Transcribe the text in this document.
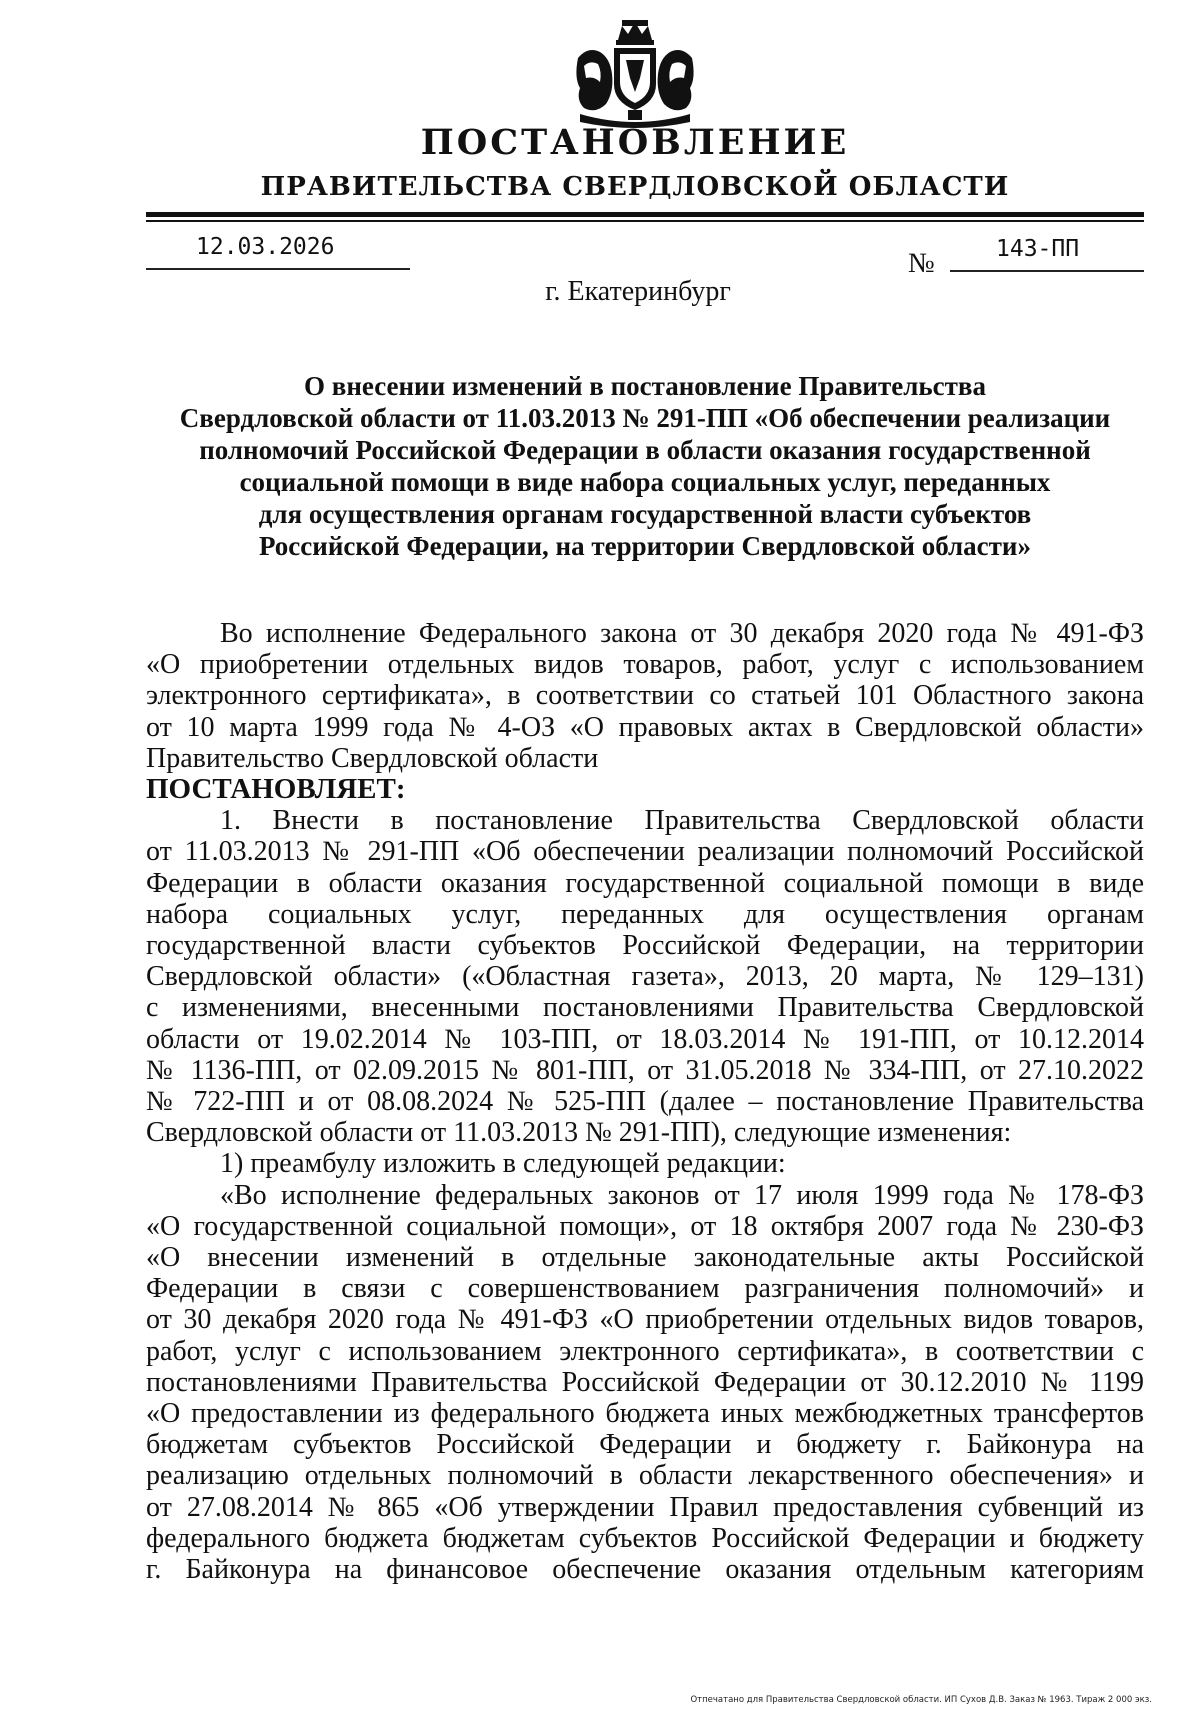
ПОСТАНОВЛЕНИЕ
ПРАВИТЕЛЬСТВА СВЕРДЛОВСКОЙ ОБЛАСТИ
12.03.2026
№	143-ПП
г. Екатеринбург
О внесении изменений в постановление Правительства
Свердловской области от 11.03.2013 № 291-ПП «Об обеспечении реализации
полномочий Российской Федерации в области оказания государственной
социальной помощи в виде набора социальных услуг, переданных
для осуществления органам государственной власти субъектов
Российской Федерации, на территории Свердловской области»
Во исполнение Федерального закона от 30 декабря 2020 года № 491-ФЗ
«О приобретении отдельных видов товаров, работ, услуг с использованием
электронного сертификата», в соответствии со статьей 101 Областного закона
от 10 марта 1999 года № 4-ОЗ «О правовых актах в Свердловской области»
Правительство Свердловской области
ПОСТАНОВЛЯЕТ:
1. Внести в постановление Правительства Свердловской области
от 11.03.2013 № 291-ПП «Об обеспечении реализации полномочий Российской
Федерации в области оказания государственной социальной помощи в виде
набора социальных услуг, переданных для осуществления органам
государственной власти субъектов Российской Федерации, на территории
Свердловской области» («Областная газета», 2013, 20 марта, № 129–131)
с изменениями, внесенными постановлениями Правительства Свердловской
области от 19.02.2014 № 103-ПП, от 18.03.2014 № 191-ПП, от 10.12.2014
№ 1136-ПП, от 02.09.2015 № 801-ПП, от 31.05.2018 № 334-ПП, от 27.10.2022
№ 722-ПП и от 08.08.2024 № 525-ПП (далее – постановление Правительства
Свердловской области от 11.03.2013 № 291-ПП), следующие изменения:
1) преамбулу изложить в следующей редакции:
«Во исполнение федеральных законов от 17 июля 1999 года № 178-ФЗ
«О государственной социальной помощи», от 18 октября 2007 года № 230-ФЗ
«О внесении изменений в отдельные законодательные акты Российской
Федерации в связи с совершенствованием разграничения полномочий» и
от 30 декабря 2020 года № 491-ФЗ «О приобретении отдельных видов товаров,
работ, услуг с использованием электронного сертификата», в соответствии с
постановлениями Правительства Российской Федерации от 30.12.2010 № 1199
«О предоставлении из федерального бюджета иных межбюджетных трансфертов
бюджетам субъектов Российской Федерации и бюджету г. Байконура на
реализацию отдельных полномочий в области лекарственного обеспечения» и
от 27.08.2014 № 865 «Об утверждении Правил предоставления субвенций из
федерального бюджета бюджетам субъектов Российской Федерации и бюджету
г. Байконура на финансовое обеспечение оказания отдельным категориям
Отпечатано для Правительства Свердловской области. ИП Сухов Д.В. Заказ № 1963. Тираж 2 000 экз.
